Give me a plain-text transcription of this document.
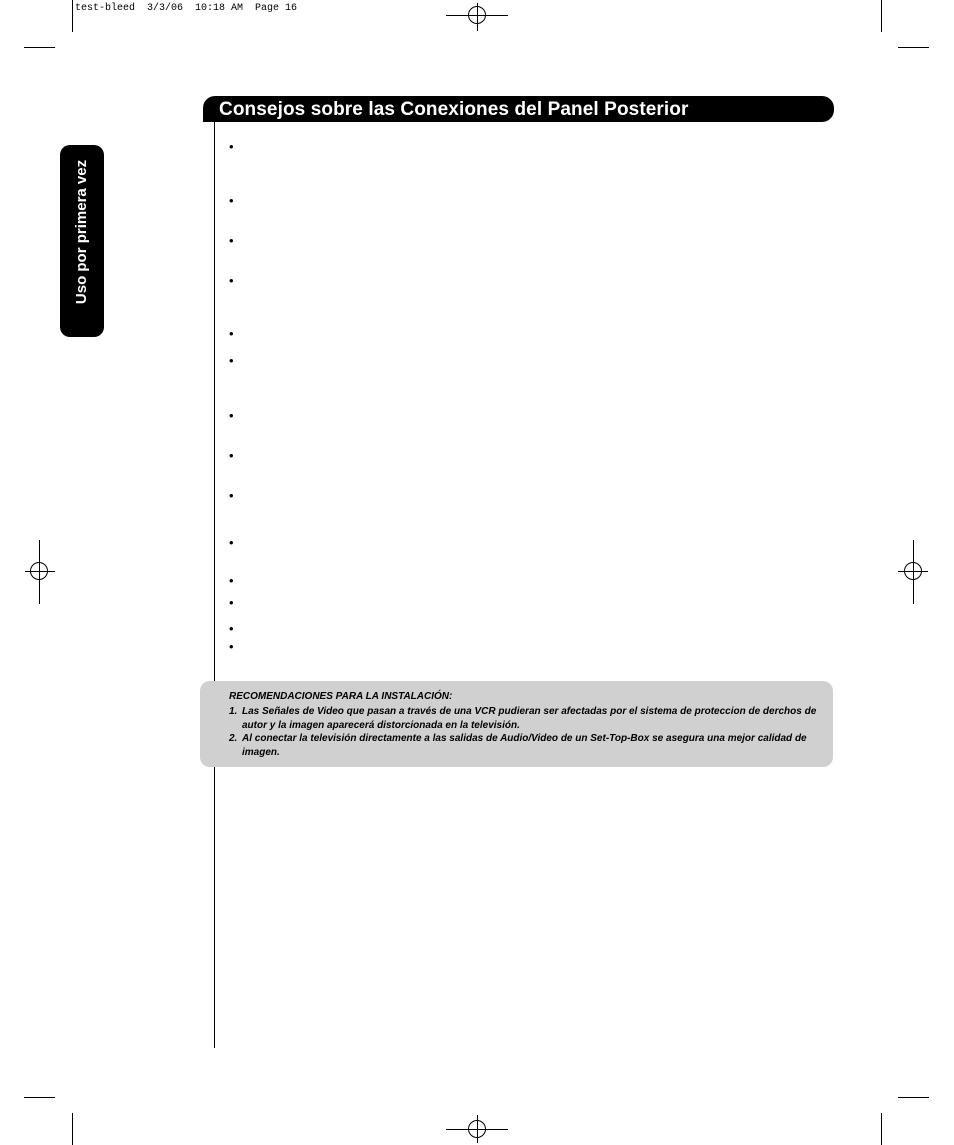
test-bleed  3/3/06  10:18 AM  Page 16
Consejos sobre las Conexiones del Panel Posterior
Uso por primera vez
•
•
•
•
•
•
•
•
•
•
•
•
•
•
RECOMENDACIONES PARA LA INSTALACIÓN:
1. Las Señales de Video que pasan a través de una VCR pudieran ser afectadas por el sistema de proteccion de derchos de autor y la imagen aparecerá distorcionada en la televisión.
2. Al conectar la televisión directamente a las salidas de Audio/Video de un Set-Top-Box se asegura una mejor calidad de imagen.
